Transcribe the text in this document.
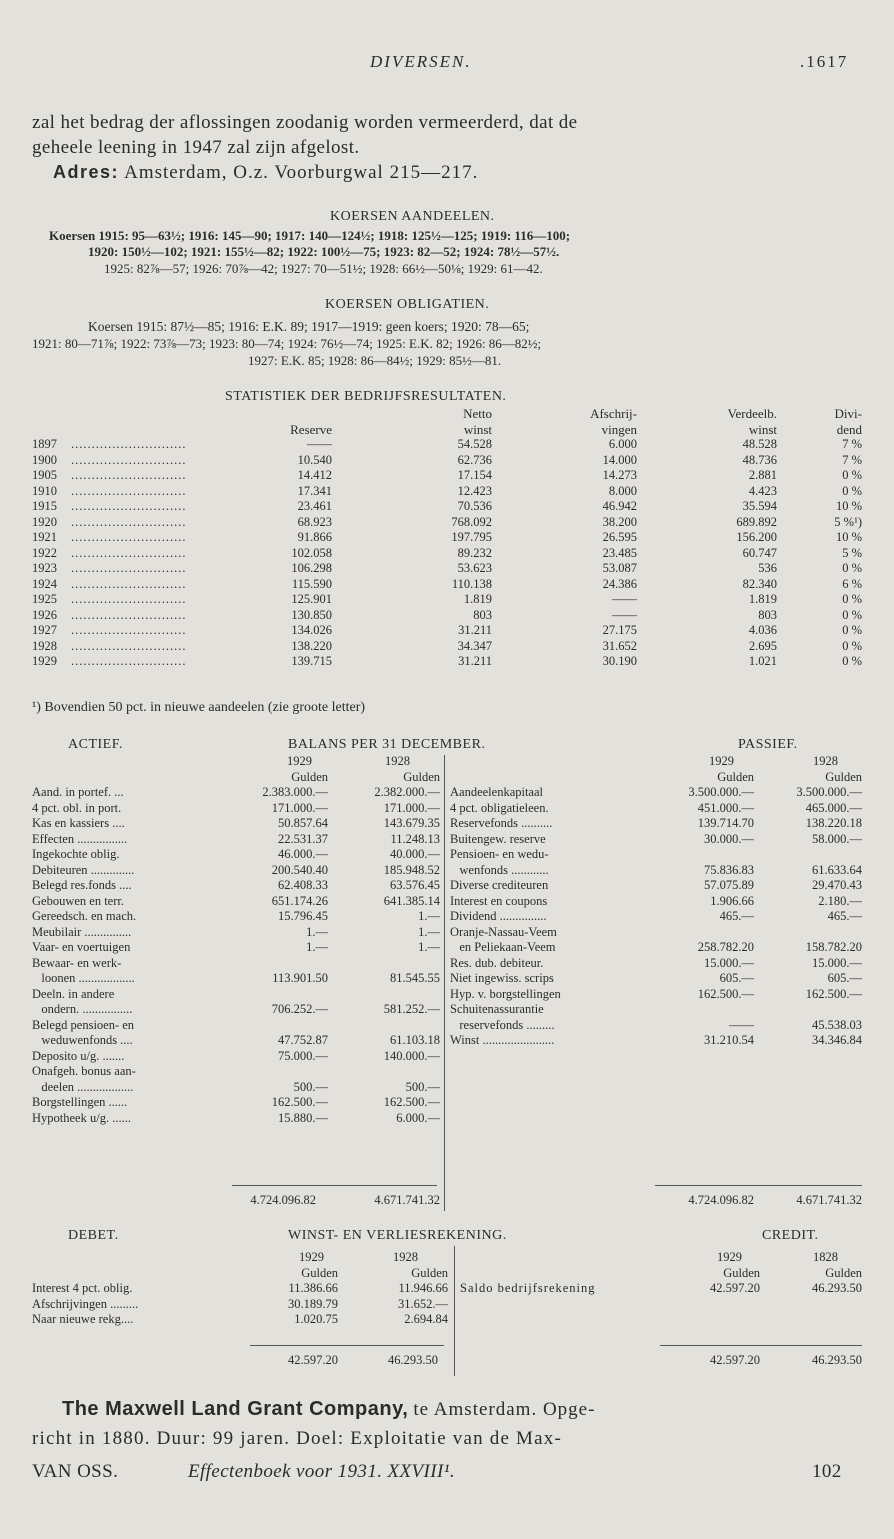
DIVERSEN.	.1617
zal het bedrag der aflossingen zoodanig worden vermeerderd, dat de
geheele leening in 1947 zal zijn afgelost.
Adres: Amsterdam, O.z. Voorburgwal 215—217.
KOERSEN AANDEELEN.
Koersen 1915: 95—63½; 1916: 145—90; 1917: 140—124½; 1918: 125½—125; 1919: 116—100;
1920: 150½—102; 1921: 155½—82; 1922: 100½—75; 1923: 82—52; 1924: 78½—57½.
1925: 82⅞—57; 1926: 70⅞—42; 1927: 70—51½; 1928: 66½—50⅛; 1929: 61—42.
KOERSEN OBLIGATIEN.
Koersen 1915: 87½—85; 1916: E.K. 89; 1917—1919: geen koers; 1920: 78—65;
1921: 80—71⅞; 1922: 73⅞—73; 1923: 80—74; 1924: 76½—74; 1925: E.K. 82; 1926: 86—82½;
1927: E.K. 85; 1928: 86—84½; 1929: 85½—81.
STATISTIEK DER BEDRIJFSRESULTATEN.
		Netto	Afschrij-	Verdeelb.	Divi-
	Reserve	winst	vingen	winst	dend
1897 ............................	——	54.528	6.000	48.528	7 %
1900 ............................	10.540	62.736	14.000	48.736	7 %
1905 ............................	14.412	17.154	14.273	2.881	0 %
1910 ............................	17.341	12.423	8.000	4.423	0 %
1915 ............................	23.461	70.536	46.942	35.594	10 %
1920 ............................	68.923	768.092	38.200	689.892	5 %¹)
1921 ............................	91.866	197.795	26.595	156.200	10 %
1922 ............................	102.058	89.232	23.485	60.747	5 %
1923 ............................	106.298	53.623	53.087	536	0 %
1924 ............................	115.590	110.138	24.386	82.340	6 %
1925 ............................	125.901	1.819	——	1.819	0 %
1926 ............................	130.850	803	——	803	0 %
1927 ............................	134.026	31.211	27.175	4.036	0 %
1928 ............................	138.220	34.347	31.652	2.695	0 %
1929 ............................	139.715	31.211	30.190	1.021	0 %
¹) Bovendien 50 pct. in nieuwe aandeelen (zie groote letter)
ACTIEF.	BALANS PER 31 DECEMBER.	PASSIEF.
	1929	1928
	Gulden	Gulden
Aand. in portef. ...	2.383.000.—	2.382.000.—
4 pct. obl. in port.	171.000.—	171.000.—
Kas en kassiers ....	50.857.64	143.679.35
Effecten ................	22.531.37	11.248.13
Ingekochte oblig.	46.000.—	40.000.—
Debiteuren ..............	200.540.40	185.948.52
Belegd res.fonds ....	62.408.33	63.576.45
Gebouwen en terr.	651.174.26	641.385.14
Gereedsch. en mach.	15.796.45	1.—
Meubilair ...............	1.—	1.—
Vaar- en voertuigen	1.—	1.—
Bewaar- en werk-		
loonen ..................	113.901.50	81.545.55
Deeln. in andere		
ondern. ................	706.252.—	581.252.—
Belegd pensioen- en		
weduwenfonds ....	47.752.87	61.103.18
Deposito u/g. .......	75.000.—	140.000.—
Onafgeh. bonus aan-		
deelen ..................	500.—	500.—
Borgstellingen ......	162.500.—	162.500.—
Hypotheek u/g. ......	15.880.—	6.000.—
	1929	1928
	Gulden	Gulden
Aandeelenkapitaal	3.500.000.—	3.500.000.—
4 pct. obligatieleen.	451.000.—	465.000.—
Reservefonds ..........	139.714.70	138.220.18
Buitengew. reserve	30.000.—	58.000.—
Pensioen- en wedu-		
wenfonds ............	75.836.83	61.633.64
Diverse crediteuren	57.075.89	29.470.43
Interest en coupons	1.906.66	2.180.—
Dividend ...............	465.—	465.—
Oranje-Nassau-Veem		
en Peliekaan-Veem	258.782.20	158.782.20
Res. dub. debiteur.	15.000.—	15.000.—
Niet ingewiss. scrips	605.—	605.—
Hyp. v. borgstellingen	162.500.—	162.500.—
Schuitenassurantie		
reservefonds .........	——	45.538.03
Winst .......................	31.210.54	34.346.84
4.724.096.82	4.671.741.32	4.724.096.82	4.671.741.32
DEBET.	WINST- EN VERLIESREKENING.	CREDIT.
	1929	1928
	Gulden	Gulden
Interest 4 pct. oblig.	11.386.66	11.946.66
Afschrijvingen .........	30.189.79	31.652.—
Naar nieuwe rekg....	1.020.75	2.694.84
	1929	1828
	Gulden	Gulden
Saldo bedrijfsrekening	42.597.20	46.293.50
42.597.20	46.293.50	42.597.20	46.293.50
The Maxwell Land Grant Company, te Amsterdam. Opge-
richt in 1880. Duur: 99 jaren. Doel: Exploitatie van de Max-
VAN OSS.	Effectenboek voor 1931. XXVIII¹.	102
